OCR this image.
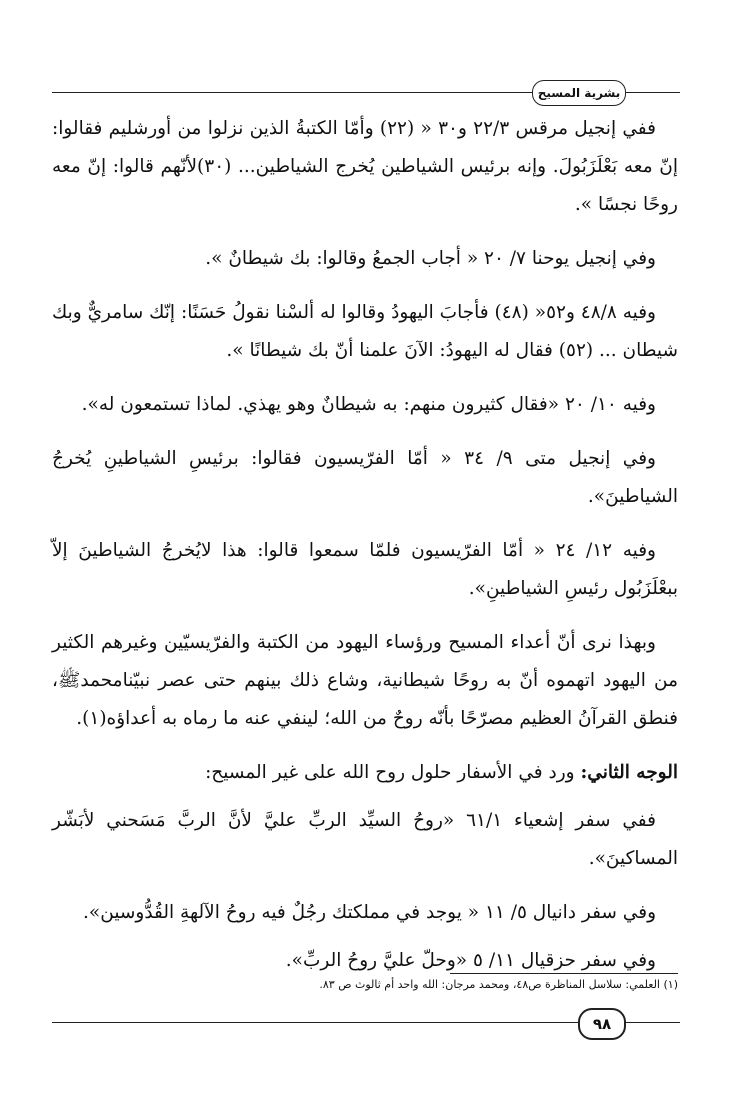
بشرية المسيح

ففي إنجيل مرقس ٢٢/٣ و٣٠ « (٢٢) وأمّا الكتبةُ الذين نزلوا من أورشليم فقالوا: إنّ معه بَعْلَزَبُولَ. وإنه برئيس الشياطين يُخرج الشياطين... (٣٠)لأنّهم قالوا: إنّ معه روحًا نجسًا ».

وفي إنجيل يوحنا ٧/ ٢٠ « أجاب الجمعُ وقالوا: بك شيطانٌ ».

وفيه ٤٨/٨ و٥٢« (٤٨) فأجابَ اليهودُ وقالوا له ألسْنا نقولُ حَسَنًا: إنّك سامريٌّ وبك شيطان ... (٥٢) فقال له اليهودُ: الآنَ علمنا أنّ بك شيطانًا ».

وفيه ١٠/ ٢٠ «فقال كثيرون منهم: به شيطانٌ وهو يهذي. لماذا تستمعون له».

وفي إنجيل متى ٩/ ٣٤ « أمّا الفرّيسيون فقالوا: برئيسِ الشياطينِ يُخرجُ الشياطينَ».

وفيه ١٢/ ٢٤ « أمّا الفرّيسيون فلمّا سمعوا قالوا: هذا لايُخرجُ الشياطينَ إلاّ ببعْلَزَبُول رئيسِ الشياطينِ».

وبهذا نرى أنّ أعداء المسيح ورؤساء اليهود من الكتبة والفرّيسيّين وغيرهم الكثير من اليهود اتهموه أنّ به روحًا شيطانية، وشاع ذلك بينهم حتى عصر نبيّنامحمدﷺ، فنطق القرآنُ العظيم مصرّحًا بأنّه روحٌ من الله؛ لينفي عنه ما رماه به أعداؤه(١).

الوجه الثاني: ورد في الأسفار حلول روح الله على غير المسيح:

ففي سفر إشعياء ٦١/١ «روحُ السيِّد الربِّ عليَّ لأنَّ الربَّ مَسَحني لأبَشّر المساكينَ».

وفي سفر دانيال ٥/ ١١ « يوجد في مملكتك رجُلٌ فيه روحُ الآلهةِ القُدُّوسين».

وفي سفر حزقيال ١١/ ٥ «وحلّ عليَّ روحُ الربِّ».

(١) العلمي: سلاسل المناظرة ص٤٨، ومحمد مرجان: الله واحد أم ثالوث ص ٨٣.
٩٨
